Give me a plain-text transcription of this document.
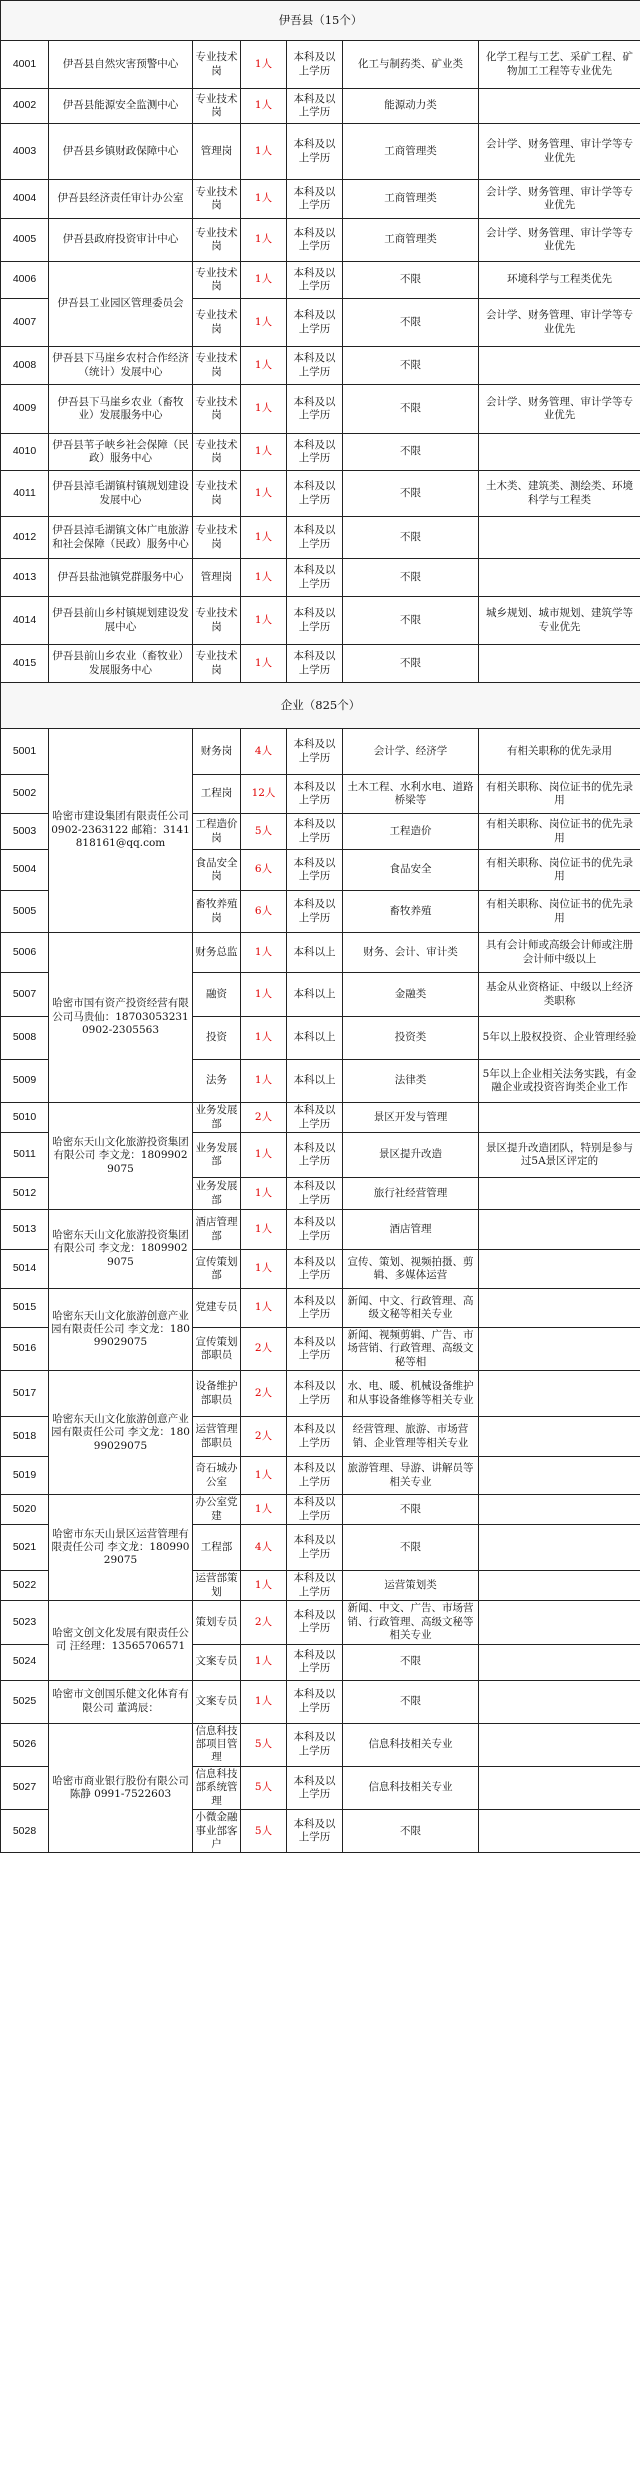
伊吾县（15个）						
4001	伊吾县自然灾害预警中心	专业技术岗	1人	本科及以上学历	化工与制药类、矿业类	化学工程与工艺、采矿工程、矿物加工工程等专业优先
4002	伊吾县能源安全监测中心	专业技术岗	1人	本科及以上学历	能源动力类	
4003	伊吾县乡镇财政保障中心	管理岗	1人	本科及以上学历	工商管理类	会计学、财务管理、审计学等专业优先
4004	伊吾县经济责任审计办公室	专业技术岗	1人	本科及以上学历	工商管理类	会计学、财务管理、审计学等专业优先
4005	伊吾县政府投资审计中心	专业技术岗	1人	本科及以上学历	工商管理类	会计学、财务管理、审计学等专业优先
4006	伊吾县工业园区管理委员会	专业技术岗	1人	本科及以上学历	不限	环境科学与工程类优先
4007		专业技术岗	1人	本科及以上学历	不限	会计学、财务管理、审计学等专业优先
4008	伊吾县下马崖乡农村合作经济（统计）发展中心	专业技术岗	1人	本科及以上学历	不限	
4009	伊吾县下马崖乡农业（畜牧业）发展服务中心	专业技术岗	1人	本科及以上学历	不限	会计学、财务管理、审计学等专业优先
4010	伊吾县苇子峡乡社会保障（民政）服务中心	专业技术岗	1人	本科及以上学历	不限	
4011	伊吾县淖毛湖镇村镇规划建设发展中心	专业技术岗	1人	本科及以上学历	不限	土木类、建筑类、测绘类、环境科学与工程类
4012	伊吾县淖毛湖镇文体广电旅游和社会保障（民政）服务中心	专业技术岗	1人	本科及以上学历	不限	
4013	伊吾县盐池镇党群服务中心	管理岗	1人	本科及以上学历	不限	
4014	伊吾县前山乡村镇规划建设发展中心	专业技术岗	1人	本科及以上学历	不限	城乡规划、城市规划、建筑学等专业优先
4015	伊吾县前山乡农业（畜牧业）发展服务中心	专业技术岗	1人	本科及以上学历	不限	
企业（825个）						
5001	哈密市建设集团有限责任公司 0902-2363122 邮箱：3141818161@qq.com	财务岗	4人	本科及以上学历	会计学、经济学	有相关职称的优先录用
5002		工程岗	12人	本科及以上学历	土木工程、水利水电、道路桥梁等	有相关职称、岗位证书的优先录用
5003		工程造价岗	5人	本科及以上学历	工程造价	有相关职称、岗位证书的优先录用
5004		食品安全岗	6人	本科及以上学历	食品安全	有相关职称、岗位证书的优先录用
5005		畜牧养殖岗	6人	本科及以上学历	畜牧养殖	有相关职称、岗位证书的优先录用
5006	哈密市国有资产投资经营有限公司马贵仙：18703053231 0902-2305563	财务总监	1人	本科以上	财务、会计、审计类	具有会计师或高级会计师或注册会计师中级以上
5007		融资	1人	本科以上	金融类	基金从业资格证、中级以上经济类职称
5008		投资	1人	本科以上	投资类	5年以上股权投资、企业管理经验
5009		法务	1人	本科以上	法律类	5年以上企业相关法务实践，有金融企业或投资咨询类企业工作
5010	哈密东天山文化旅游投资集团有限公司 李文龙：18099029075	业务发展部	2人	本科及以上学历	景区开发与管理	
5011		业务发展部	1人	本科及以上学历	景区提升改造	景区提升改造团队，特别是参与过5A景区评定的
5012		业务发展部	1人	本科及以上学历	旅行社经营管理	
5013	哈密东天山文化旅游投资集团有限公司 李文龙：18099029075	酒店管理部	1人	本科及以上学历	酒店管理	
5014		宣传策划部	1人	本科及以上学历	宣传、策划、视频拍摄、剪辑、多媒体运营	
5015	哈密东天山文化旅游创意产业园有限责任公司 李文龙：18099029075	党建专员	1人	本科及以上学历	新闻、中文、行政管理、高级文秘等相关专业	
5016		宣传策划部职员	2人	本科及以上学历	新闻、视频剪辑、广告、市场营销、行政管理、高级文秘等相	
5017	哈密东天山文化旅游创意产业园有限责任公司 李文龙：18099029075	设备维护部职员	2人	本科及以上学历	水、电、暖、机械设备维护和从事设备维修等相关专业	
5018		运营管理部职员	2人	本科及以上学历	经营管理、旅游、市场营销、企业管理等相关专业	
5019		奇石城办公室	1人	本科及以上学历	旅游管理、导游、讲解员等相关专业	
5020	哈密市东天山景区运营管理有限责任公司 李文龙：18099029075	办公室党建	1人	本科及以上学历	不限	
5021		工程部	4人	本科及以上学历	不限	
5022		运营部策划	1人	本科及以上学历	运营策划类	
5023	哈密文创文化发展有限责任公司 汪经理：13565706571	策划专员	2人	本科及以上学历	新闻、中文、广告、市场营销、行政管理、高级文秘等相关专业	
5024		文案专员	1人	本科及以上学历	不限	
5025	哈密市文创国乐健文化体育有限公司 董鸿辰：	文案专员	1人	本科及以上学历	不限	
5026	哈密市商业银行股份有限公司 陈静 0991-7522603	信息科技部项目管理	5人	本科及以上学历	信息科技相关专业	
5027		信息科技部系统管理	5人	本科及以上学历	信息科技相关专业	
5028		小微金融事业部客户	5人	本科及以上学历	不限	
